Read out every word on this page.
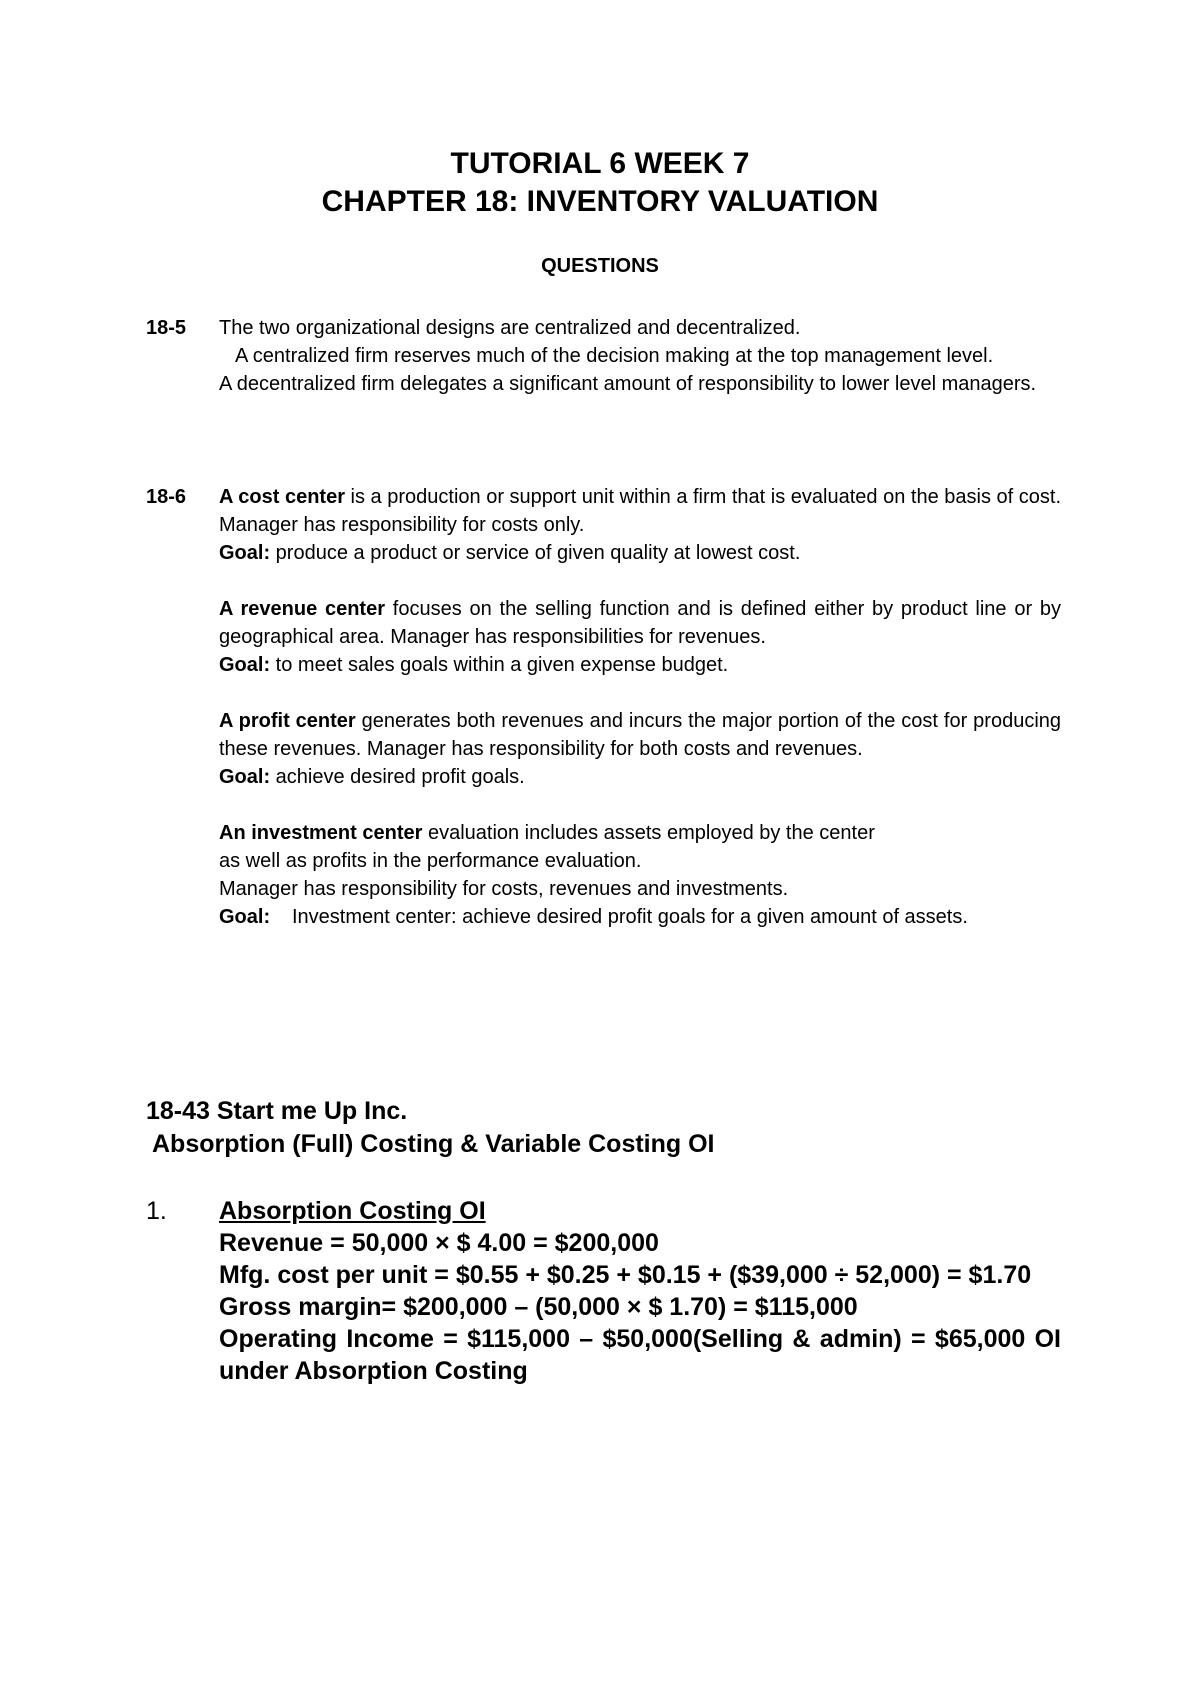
TUTORIAL 6 WEEK 7
CHAPTER 18: INVENTORY VALUATION
QUESTIONS
18-5 The two organizational designs are centralized and decentralized.

A centralized firm reserves much of the decision making at the top management level.

A decentralized firm delegates a significant amount of responsibility to lower level managers.

18-6 A cost center is a production or support unit within a firm that is evaluated on the basis of cost. Manager has responsibility for costs only.

Goal: produce a product or service of given quality at lowest cost.

A revenue center focuses on the selling function and is defined either by product line or by geographical area. Manager has responsibilities for revenues.

Goal: to meet sales goals within a given expense budget.

A profit center generates both revenues and incurs the major portion of the cost for producing these revenues. Manager has responsibility for both costs and revenues.

Goal: achieve desired profit goals.

An investment center evaluation includes assets employed by the center

as well as profits in the performance evaluation.

Manager has responsibility for costs, revenues and investments.

Goal:	Investment center: achieve desired profit goals for a given amount of assets.
18-43 Start me Up Inc.
Absorption (Full) Costing & Variable Costing OI
1. Absorption Costing OI

Revenue = 50,000 × $ 4.00 = $200,000

Mfg. cost per unit = $0.55 + $0.25 + $0.15 + ($39,000 ÷ 52,000) = $1.70

Gross margin= $200,000 – (50,000 × $ 1.70) = $115,000

Operating Income = $115,000 – $50,000(Selling & admin) = $65,000 OI under Absorption Costing
